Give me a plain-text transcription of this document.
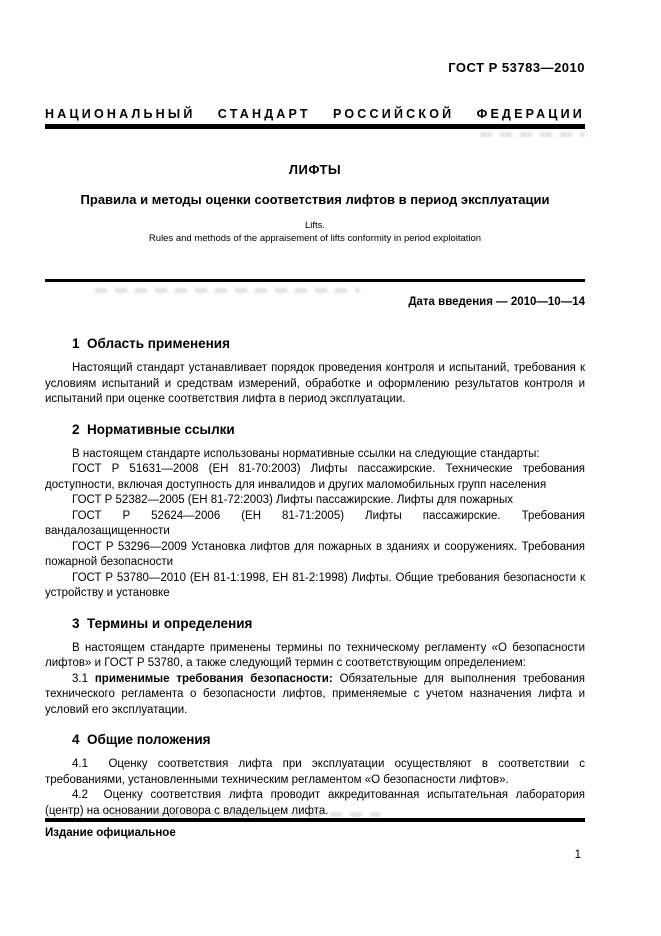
ГОСТ Р 53783—2010
НАЦИОНАЛЬНЫЙ СТАНДАРТ РОССИЙСКОЙ ФЕДЕРАЦИИ
ЛИФТЫ
Правила и методы оценки соответствия лифтов в период эксплуатации
Lifts.
Rules and methods of the appraisement of lifts conformity in period exploitation
Дата введения — 2010—10—14
1  Область применения

Настоящий стандарт устанавливает порядок проведения контроля и испытаний, требования к условиям испытаний и средствам измерений, обработке и оформлению результатов контроля и испытаний при оценке соответствия лифта в период эксплуатации.

2  Нормативные ссылки

В настоящем стандарте использованы нормативные ссылки на следующие стандарты:

ГОСТ Р 51631—2008 (ЕН 81-70:2003) Лифты пассажирские. Технические требования доступности, включая доступность для инвалидов и других маломобильных групп населения

ГОСТ Р 52382—2005 (ЕН 81-72:2003) Лифты пассажирские. Лифты для пожарных

ГОСТ Р 52624—2006 (ЕН 81-71:2005) Лифты пассажирские. Требования вандалозащищенности

ГОСТ Р 53296—2009 Установка лифтов для пожарных в зданиях и сооружениях. Требования пожарной безопасности

ГОСТ Р 53780—2010 (ЕН 81-1:1998, ЕН 81-2:1998) Лифты. Общие требования безопасности к устройству и установке

3  Термины и определения

В настоящем стандарте применены термины по техническому регламенту «О безопасности лифтов» и ГОСТ Р 53780, а также следующий термин с соответствующим определением:

3.1 применимые требования безопасности: Обязательные для выполнения требования технического регламента о безопасности лифтов, применяемые с учетом назначения лифта и условий его эксплуатации.

4  Общие положения

4.1  Оценку соответствия лифта при эксплуатации осуществляют в соответствии с требованиями, установленными техническим регламентом «О безопасности лифтов».

4.2  Оценку соответствия лифта проводит аккредитованная испытательная лаборатория (центр) на основании договора с владельцем лифта.

Издание официальное
1
